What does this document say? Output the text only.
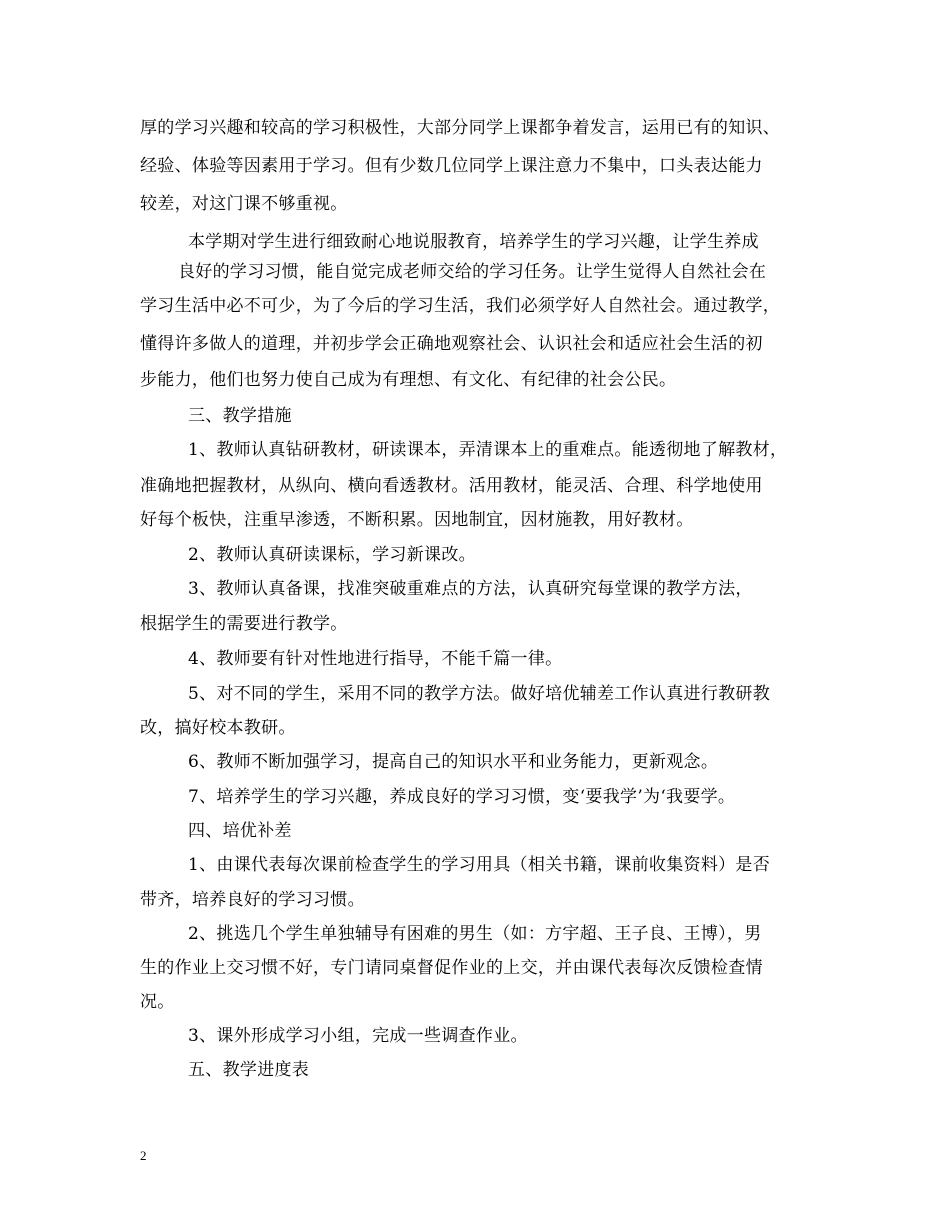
厚的学习兴趣和较高的学习积极性，大部分同学上课都争着发言，运用已有的知识、
经验、体验等因素用于学习。但有少数几位同学上课注意力不集中，口头表达能力
较差，对这门课不够重视。
本学期对学生进行细致耐心地说服教育，培养学生的学习兴趣，让学生养成
良好的学习习惯，能自觉完成老师交给的学习任务。让学生觉得人自然社会在
学习生活中必不可少，为了今后的学习生活，我们必须学好人自然社会。通过教学，
懂得许多做人的道理，并初步学会正确地观察社会、认识社会和适应社会生活的初
步能力，他们也努力使自己成为有理想、有文化、有纪律的社会公民。
三、教学措施
1、教师认真钻研教材，研读课本，弄清课本上的重难点。能透彻地了解教材，
准确地把握教材，从纵向、横向看透教材。活用教材，能灵活、合理、科学地使用
好每个板快，注重早渗透，不断积累。因地制宜，因材施教，用好教材。
2、教师认真研读课标，学习新课改。
3、教师认真备课，找准突破重难点的方法，认真研究每堂课的教学方法，
根据学生的需要进行教学。
4、教师要有针对性地进行指导，不能千篇一律。
5、对不同的学生，采用不同的教学方法。做好培优辅差工作认真进行教研教
改，搞好校本教研。
6、教师不断加强学习，提高自己的知识水平和业务能力，更新观念。
7、培养学生的学习兴趣，养成良好的学习习惯，变‘要我学’为‘我要学。
四、培优补差
1、由课代表每次课前检查学生的学习用具（相关书籍，课前收集资料）是否
带齐，培养良好的学习习惯。
2、挑选几个学生单独辅导有困难的男生（如：方宇超、王子良、王博），男
生的作业上交习惯不好，专门请同桌督促作业的上交，并由课代表每次反馈检查情
况。
3、课外形成学习小组，完成一些调查作业。
五、教学进度表
2
